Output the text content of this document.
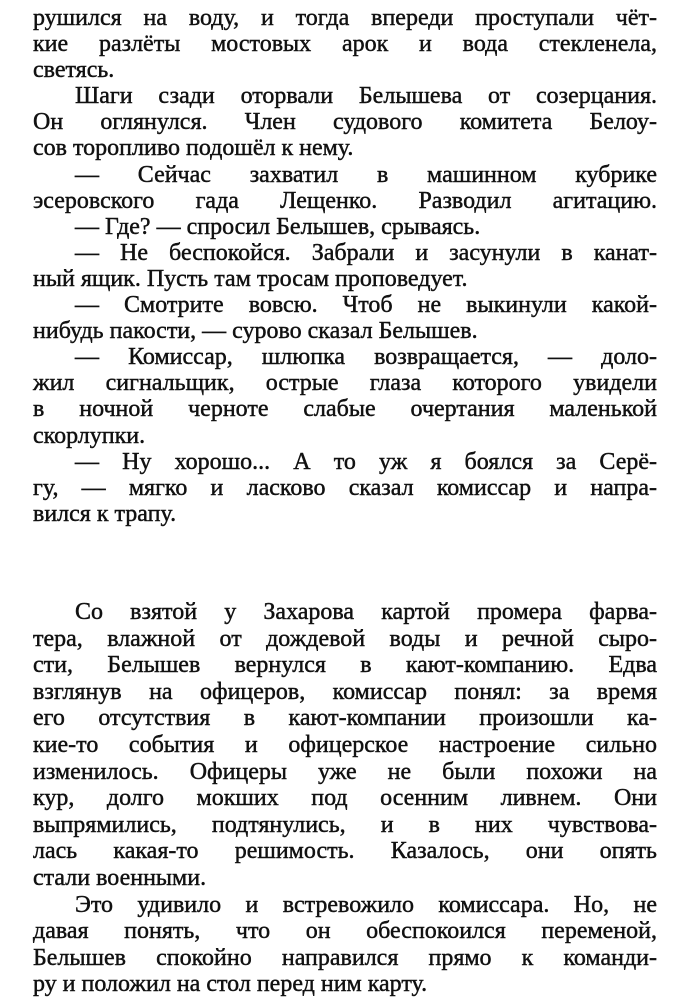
рушился на воду, и тогда впереди проступали чёт-
кие разлёты мостовых арок и вода стекленела,
светясь.
Шаги сзади оторвали Белышева от созерцания.
Он оглянулся. Член судового комитета Белоу-
сов торопливо подошёл к нему.
— Сейчас захватил в машинном кубрике
эсеровского гада Лещенко. Разводил агитацию.
— Где? — спросил Белышев, срываясь.
— Не беспокойся. Забрали и засунули в канат-
ный ящик. Пусть там тросам проповедует.
— Смотрите вовсю. Чтоб не выкинули какой-
нибудь пакости, — сурово сказал Белышев.
— Комиссар, шлюпка возвращается, — доло-
жил сигнальщик, острые глаза которого увидели
в ночной черноте слабые очертания маленькой
скорлупки.
— Ну хорошо... А то уж я боялся за Серё-
гу, — мягко и ласково сказал комиссар и напра-
вился к трапу.
Со взятой у Захарова картой промера фарва-
тера, влажной от дождевой воды и речной сыро-
сти, Белышев вернулся в кают-компанию. Едва
взглянув на офицеров, комиссар понял: за время
его отсутствия в кают-компании произошли ка-
кие-то события и офицерское настроение сильно
изменилось. Офицеры уже не были похожи на
кур, долго мокших под осенним ливнем. Они
выпрямились, подтянулись, и в них чувствова-
лась какая-то решимость. Казалось, они опять
стали военными.
Это удивило и встревожило комиссара. Но, не
давая понять, что он обеспокоился переменой,
Белышев спокойно направился прямо к команди-
ру и положил на стол перед ним карту.
